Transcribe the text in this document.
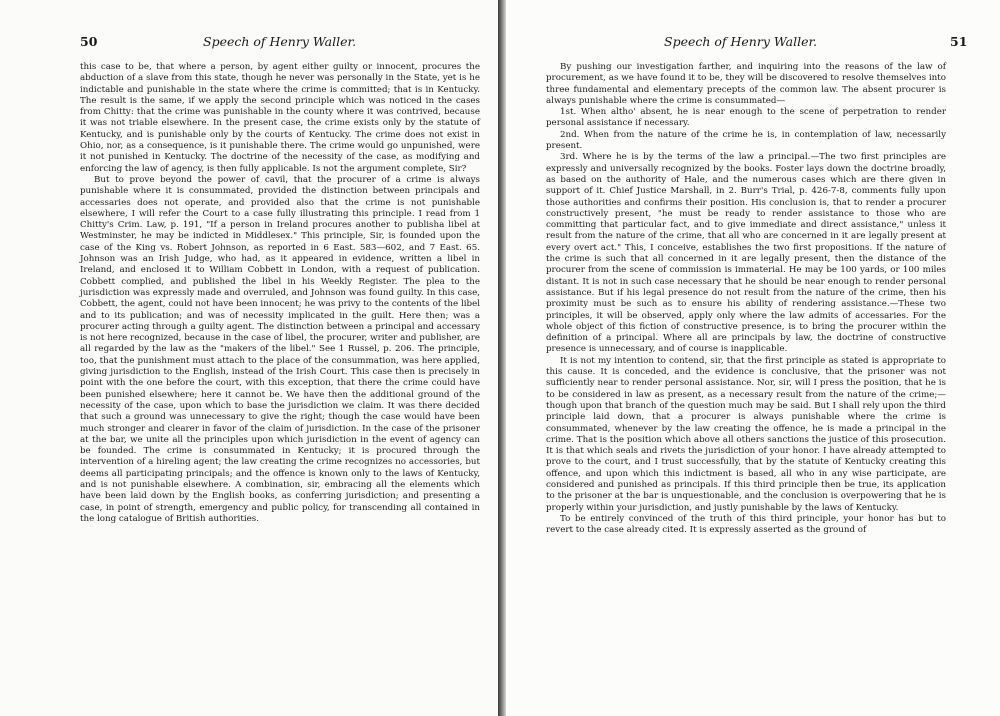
50	Speech of Henry Waller.

this case to be, that where a person, by agent either guilty or innocent, procures the abduction of a slave from this state, though he never was personally in the State, yet is he indictable and punishable in the state where the crime is committed; that is in Kentucky. The result is the same, if we apply the second principle which was noticed in the cases from Chitty: that the crime was punishable in the county where it was contrived, because it was not triable elsewhere. In the present case, the crime exists only by the statute of Kentucky, and is punishable only by the courts of Kentucky. The crime does not exist in Ohio, nor, as a consequence, is it punishable there. The crime would go unpunished, were it not punished in Kentucky. The doctrine of the necessity of the case, as modifying and enforcing the law of agency, is then fully applicable. Is not the argument complete, Sir?

But to prove beyond the power of cavil, that the procurer of a crime is always punishable where it is consummated, provided the distinction between principals and accessaries does not operate, and provided also that the crime is not punishable elsewhere, I will refer the Court to a case fully illustrating this principle. I read from 1 Chitty's Crim. Law, p. 191, "If a person in Ireland procures another to publisha libel at Westminster, he may be indicted in Middlesex." This principle, Sir, is founded upon the case of the King vs. Robert Johnson, as reported in 6 East. 583—602, and 7 East. 65. Johnson was an Irish Judge, who had, as it appeared in evidence, written a libel in Ireland, and enclosed it to William Cobbett in London, with a request of publication. Cobbett complied, and published the libel in his Weekly Register. The plea to the jurisdiction was expressly made and overruled, and Johnson was found guilty. In this case, Cobbett, the agent, could not have been innocent; he was privy to the contents of the libel and to its publication; and was of necessity implicated in the guilt. Here then; was a procurer acting through a guilty agent. The distinction between a principal and accessary is not here recognized, because in the case of libel, the procurer, writer and publisher, are all regarded by the law as the "makers of the libel." See 1 Russel, p. 206. The principle, too, that the punishment must attach to the place of the consummation, was here applied, giving jurisdiction to the English, instead of the Irish Court. This case then is precisely in point with the one before the court, with this exception, that there the crime could have been punished elsewhere; here it cannot be. We have then the additional ground of the necessity of the case, upon which to base the jurisdiction we claim. It was there decided that such a ground was unnecessary to give the right; though the case would have been much stronger and clearer in favor of the claim of jurisdiction. In the case of the prisoner at the bar, we unite all the principles upon which jurisdiction in the event of agency can be founded. The crime is consummated in Kentucky; it is procured through the intervention of a hireling agent; the law creating the crime recognizes no accessories, but deems all participating principals; and the offence is known only to the laws of Kentucky, and is not punishable elsewhere. A combination, sir, embracing all the elements which have been laid down by the English books, as conferring jurisdiction; and presenting a case, in point of strength, emergency and public policy, for transcending all contained in the long catalogue of British authorities.

Speech of Henry Waller.	51

By pushing our investigation farther, and inquiring into the reasons of the law of procurement, as we have found it to be, they will be discovered to resolve themselves into three fundamental and elementary precepts of the common law. The absent procurer is always punishable where the crime is consummated—

1st. When altho' absent, he is near enough to the scene of perpetration to render personal assistance if necessary.

2nd. When from the nature of the crime he is, in contemplation of law, necessarily present.

3rd. Where he is by the terms of the law a principal.—The two first principles are expressly and universally recognized by the books. Foster lays down the doctrine broadly, as based on the authority of Hale, and the numerous cases which are there given in support of it. Chief Justice Marshall, in 2. Burr's Trial, p. 426-7-8, comments fully upon those authorities and confirms their position. His conclusion is, that to render a procurer constructively present, "he must be ready to render assistance to those who are committing that particular fact, and to give immediate and direct assistance," unless it result from the nature of the crime, that all who are concerned in it are legally present at every overt act." This, I conceive, establishes the two first propositions. If the nature of the crime is such that all concerned in it are legally present, then the distance of the procurer from the scene of commission is immaterial. He may be 100 yards, or 100 miles distant. It is not in such case necessary that he should be near enough to render personal assistance. But if his legal presence do not result from the nature of the crime, then his proximity must be such as to ensure his ability of rendering assistance.—These two principles, it will be observed, apply only where the law admits of accessaries. For the whole object of this fiction of constructive presence, is to bring the procurer within the definition of a principal. Where all are principals by law, the doctrine of constructive presence is unnecessary, and of course is inapplicable.

It is not my intention to contend, sir, that the first principle as stated is appropriate to this cause. It is conceded, and the evidence is conclusive, that the prisoner was not sufficiently near to render personal assistance. Nor, sir, will I press the position, that he is to be considered in law as present, as a necessary result from the nature of the crime;—though upon that branch of the question much may be said. But I shall rely upon the third principle laid down, that a procurer is always punishable where the crime is consummated, whenever by the law creating the offence, he is made a principal in the crime. That is the position which above all others sanctions the justice of this prosecution. It is that which seals and rivets the jurisdiction of your honor. I have already attempted to prove to the court, and I trust successfully, that by the statute of Kentucky creating this offence, and upon which this indictment is based, all who in any wise participate, are considered and punished as principals. If this third principle then be true, its application to the prisoner at the bar is unquestionable, and the conclusion is overpowering that he is properly within your jurisdiction, and justly punishable by the laws of Kentucky.

To be entirely convinced of the truth of this third principle, your honor has but to revert to the case already cited. It is expressly asserted as the ground of
